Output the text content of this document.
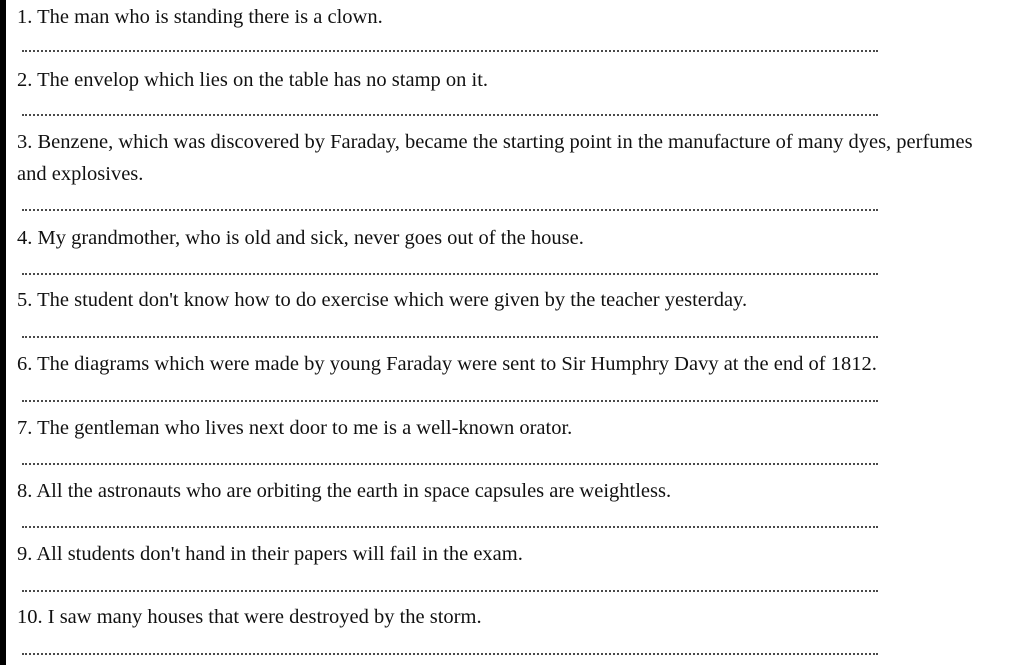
1. The man who is standing there is a clown.
2. The envelop which lies on the table has no stamp on it.
3. Benzene, which was discovered by Faraday, became the starting point in the manufacture of many dyes, perfumes and explosives.
4. My grandmother, who is old and sick, never goes out of the house.
5. The student don't know how to do exercise which were given by the teacher yesterday.
6. The diagrams which were made by young Faraday were sent to Sir Humphry Davy at the end of 1812.
7. The gentleman who lives next door to me is a well-known orator.
8. All the astronauts who are orbiting the earth in space capsules are weightless.
9. All students don't hand in their papers will fail in the exam.
10. I saw many houses that were destroyed by the storm.
